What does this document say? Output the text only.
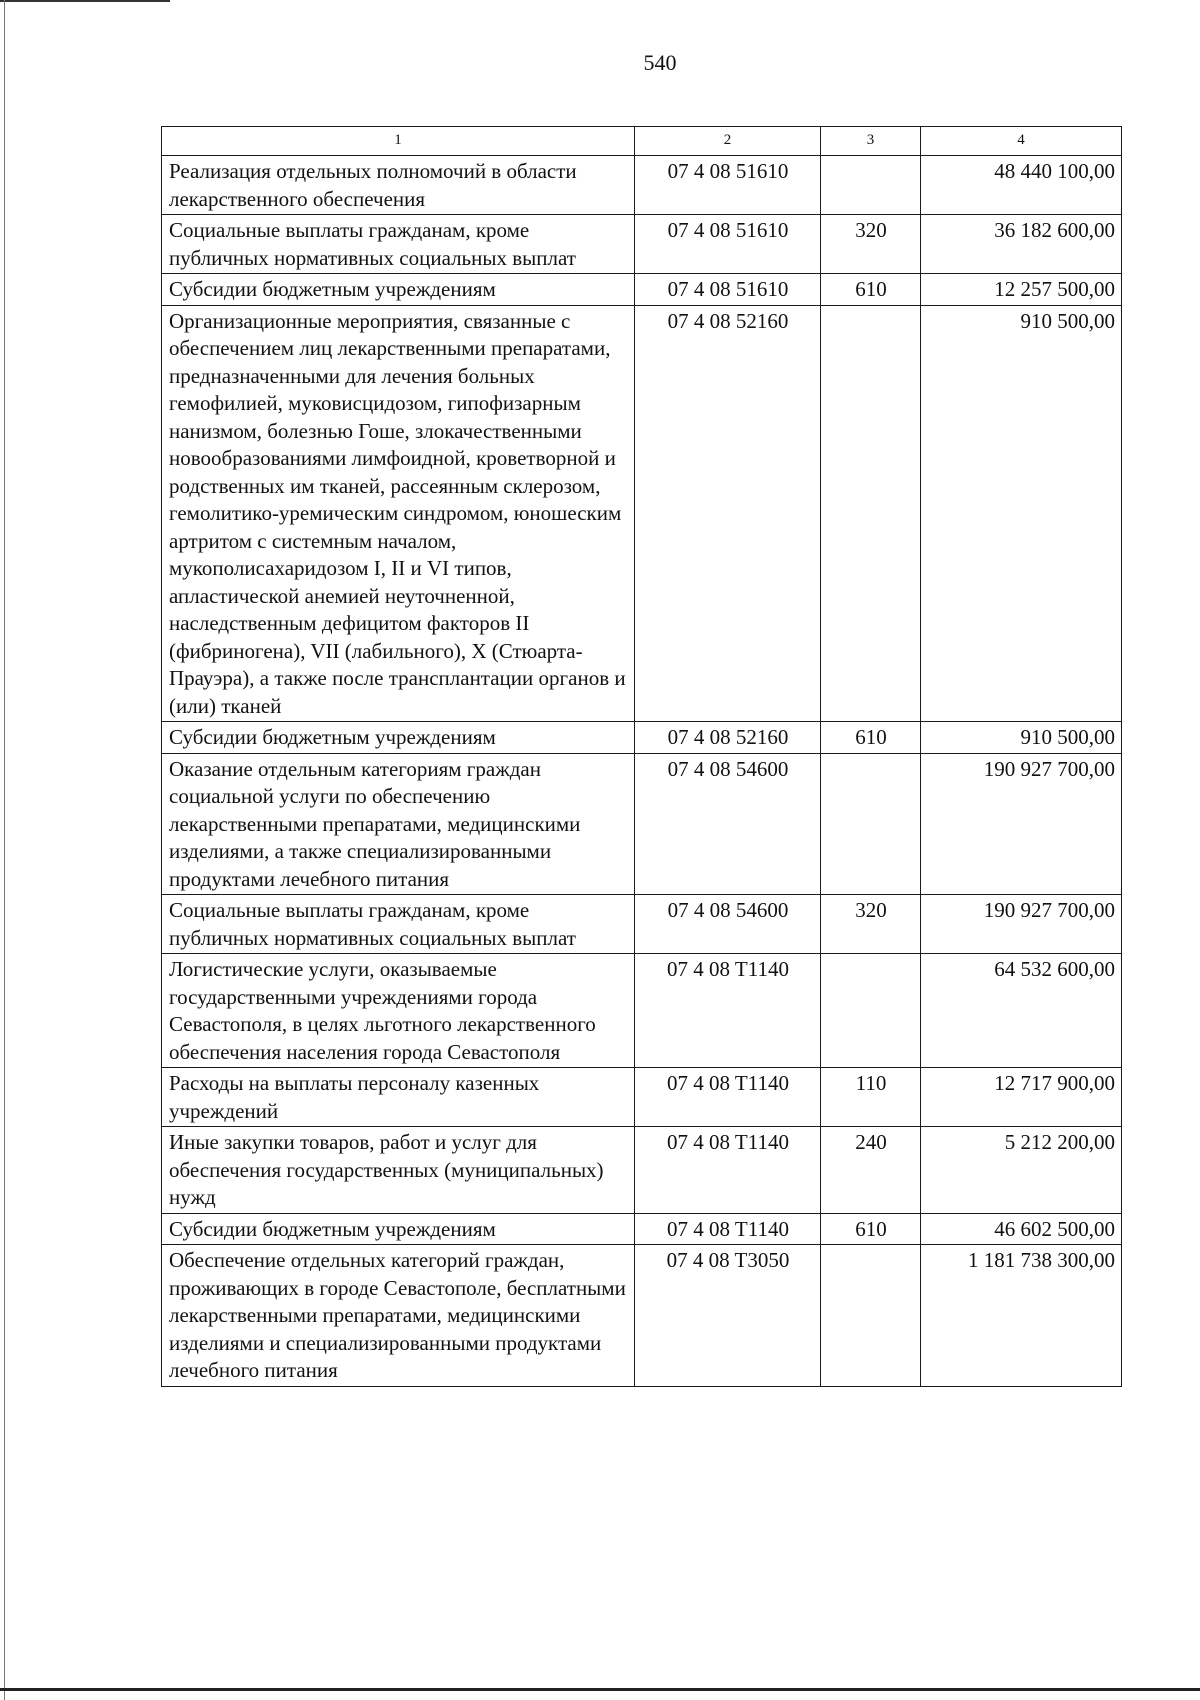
540
1	2	3	4
Реализация отдельных полномочий в области лекарственного обеспечения	07 4 08 51610		48 440 100,00
Социальные выплаты гражданам, кроме публичных нормативных социальных выплат	07 4 08 51610	320	36 182 600,00
Субсидии бюджетным учреждениям	07 4 08 51610	610	12 257 500,00
Организационные мероприятия, связанные с обеспечением лиц лекарственными препаратами, предназначенными для лечения больных гемофилией, муковисцидозом, гипофизарным нанизмом, болезнью Гоше, злокачественными новообразованиями лимфоидной, кроветворной и родственных им тканей, рассеянным склерозом, гемолитико-уремическим синдромом, юношеским артритом с системным началом, мукополисахаридозом I, II и VI типов, апластической анемией неуточненной, наследственным дефицитом факторов II (фибриногена), VII (лабильного), X (Стюарта-Прауэра), а также после трансплантации органов и (или) тканей	07 4 08 52160		910 500,00
Субсидии бюджетным учреждениям	07 4 08 52160	610	910 500,00
Оказание отдельным категориям граждан социальной услуги по обеспечению лекарственными препаратами, медицинскими изделиями, а также специализированными продуктами лечебного питания	07 4 08 54600		190 927 700,00
Социальные выплаты гражданам, кроме публичных нормативных социальных выплат	07 4 08 54600	320	190 927 700,00
Логистические услуги, оказываемые государственными учреждениями города Севастополя, в целях льготного лекарственного обеспечения населения города Севастополя	07 4 08 T1140		64 532 600,00
Расходы на выплаты персоналу казенных учреждений	07 4 08 T1140	110	12 717 900,00
Иные закупки товаров, работ и услуг для обеспечения государственных (муниципальных) нужд	07 4 08 T1140	240	5 212 200,00
Субсидии бюджетным учреждениям	07 4 08 T1140	610	46 602 500,00
Обеспечение отдельных категорий граждан, проживающих в городе Севастополе, бесплатными лекарственными препаратами, медицинскими изделиями и специализированными продуктами лечебного питания	07 4 08 T3050		1 181 738 300,00
